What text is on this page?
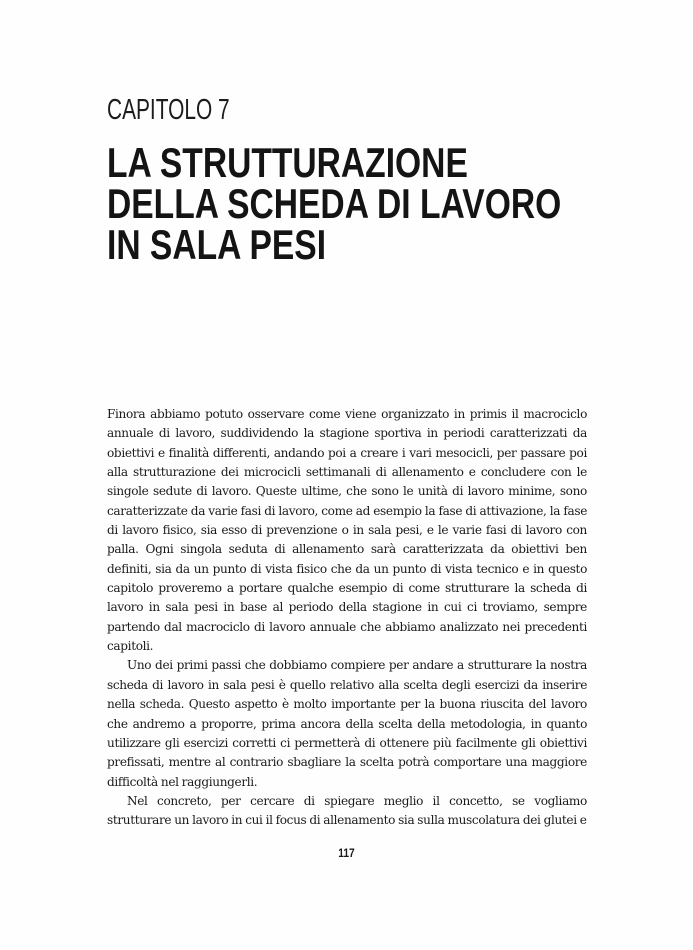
CAPITOLO 7
LA STRUTTURAZIONE
DELLA SCHEDA DI LAVORO
IN SALA PESI

Finora abbiamo potuto osservare come viene organizzato in primis il macrociclo annuale di lavoro, suddividendo la stagione sportiva in periodi caratterizzati da obiettivi e finalità differenti, andando poi a creare i vari mesocicli, per passare poi alla strutturazione dei microcicli settimanali di allenamento e concludere con le singole sedute di lavoro. Queste ultime, che sono le unità di lavoro minime, sono caratterizzate da varie fasi di lavoro, come ad esempio la fase di attivazione, la fase di lavoro fisico, sia esso di prevenzione o in sala pesi, e le varie fasi di lavoro con palla. Ogni singola seduta di allenamento sarà caratterizzata da obiettivi ben definiti, sia da un punto di vista fisico che da un punto di vista tecnico e in questo capitolo proveremo a portare qualche esempio di come strutturare la scheda di lavoro in sala pesi in base al periodo della stagione in cui ci troviamo, sempre partendo dal macrociclo di lavoro annuale che abbiamo analizzato nei precedenti capitoli.

Uno dei primi passi che dobbiamo compiere per andare a strutturare la nostra scheda di lavoro in sala pesi è quello relativo alla scelta degli esercizi da inserire nella scheda. Questo aspetto è molto importante per la buona riuscita del lavoro che andremo a proporre, prima ancora della scelta della metodologia, in quanto utilizzare gli esercizi corretti ci permetterà di ottenere più facilmente gli obiettivi prefissati, mentre al contrario sbagliare la scelta potrà comportare una maggiore difficoltà nel raggiungerli.

Nel concreto, per cercare di spiegare meglio il concetto, se vogliamo strutturare un lavoro in cui il focus di allenamento sia sulla muscolatura dei glutei e

117
